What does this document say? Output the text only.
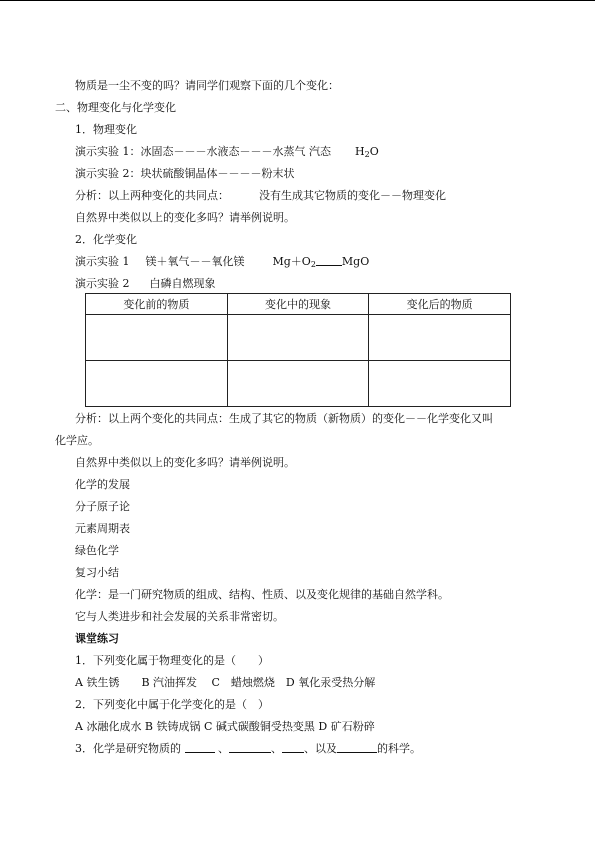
物质是一尘不变的吗？请同学们观察下面的几个变化：
二、物理变化与化学变化
1．物理变化
演示实验 1：冰固态－－－水液态－－－水蒸气 汽态 $H_2O$
演示实验 2：块状硫酸铜晶体－－－－粉末状
分析：以上两种变化的共同点：	没有生成其它物质的变化－－物理变化
自然界中类似以上的变化多吗？请举例说明。
2．化学变化
演示实验 1 镁＋氧气－－氧化镁	$Mg+O_2$ MgO
演示实验 2 白磷自燃现象
变化前的物质	变化中的现象	变化后的物质

分析：以上两个变化的共同点：生成了其它的物质（新物质）的变化－－化学变化又叫
化学应。
自然界中类似以上的变化多吗？请举例说明。
化学的发展
分子原子论
元素周期表
绿色化学
复习小结
化学：是一门研究物质的组成、结构、性质、以及变化规律的基础自然学科。
它与人类进步和社会发展的关系非常密切。
课堂练习
1．下列变化属于物理变化的是（　　）
A 铁生锈　　B 汽油挥发　 C　蜡烛燃烧　D 氧化汞受热分解
2．下列变化中属于化学变化的是（　）
A 冰融化成水 B 铁铸成锅 C 碱式碳酸铜受热变黑 D 矿石粉碎
3．化学是研究物质的	、	、 、以及	的科学。
